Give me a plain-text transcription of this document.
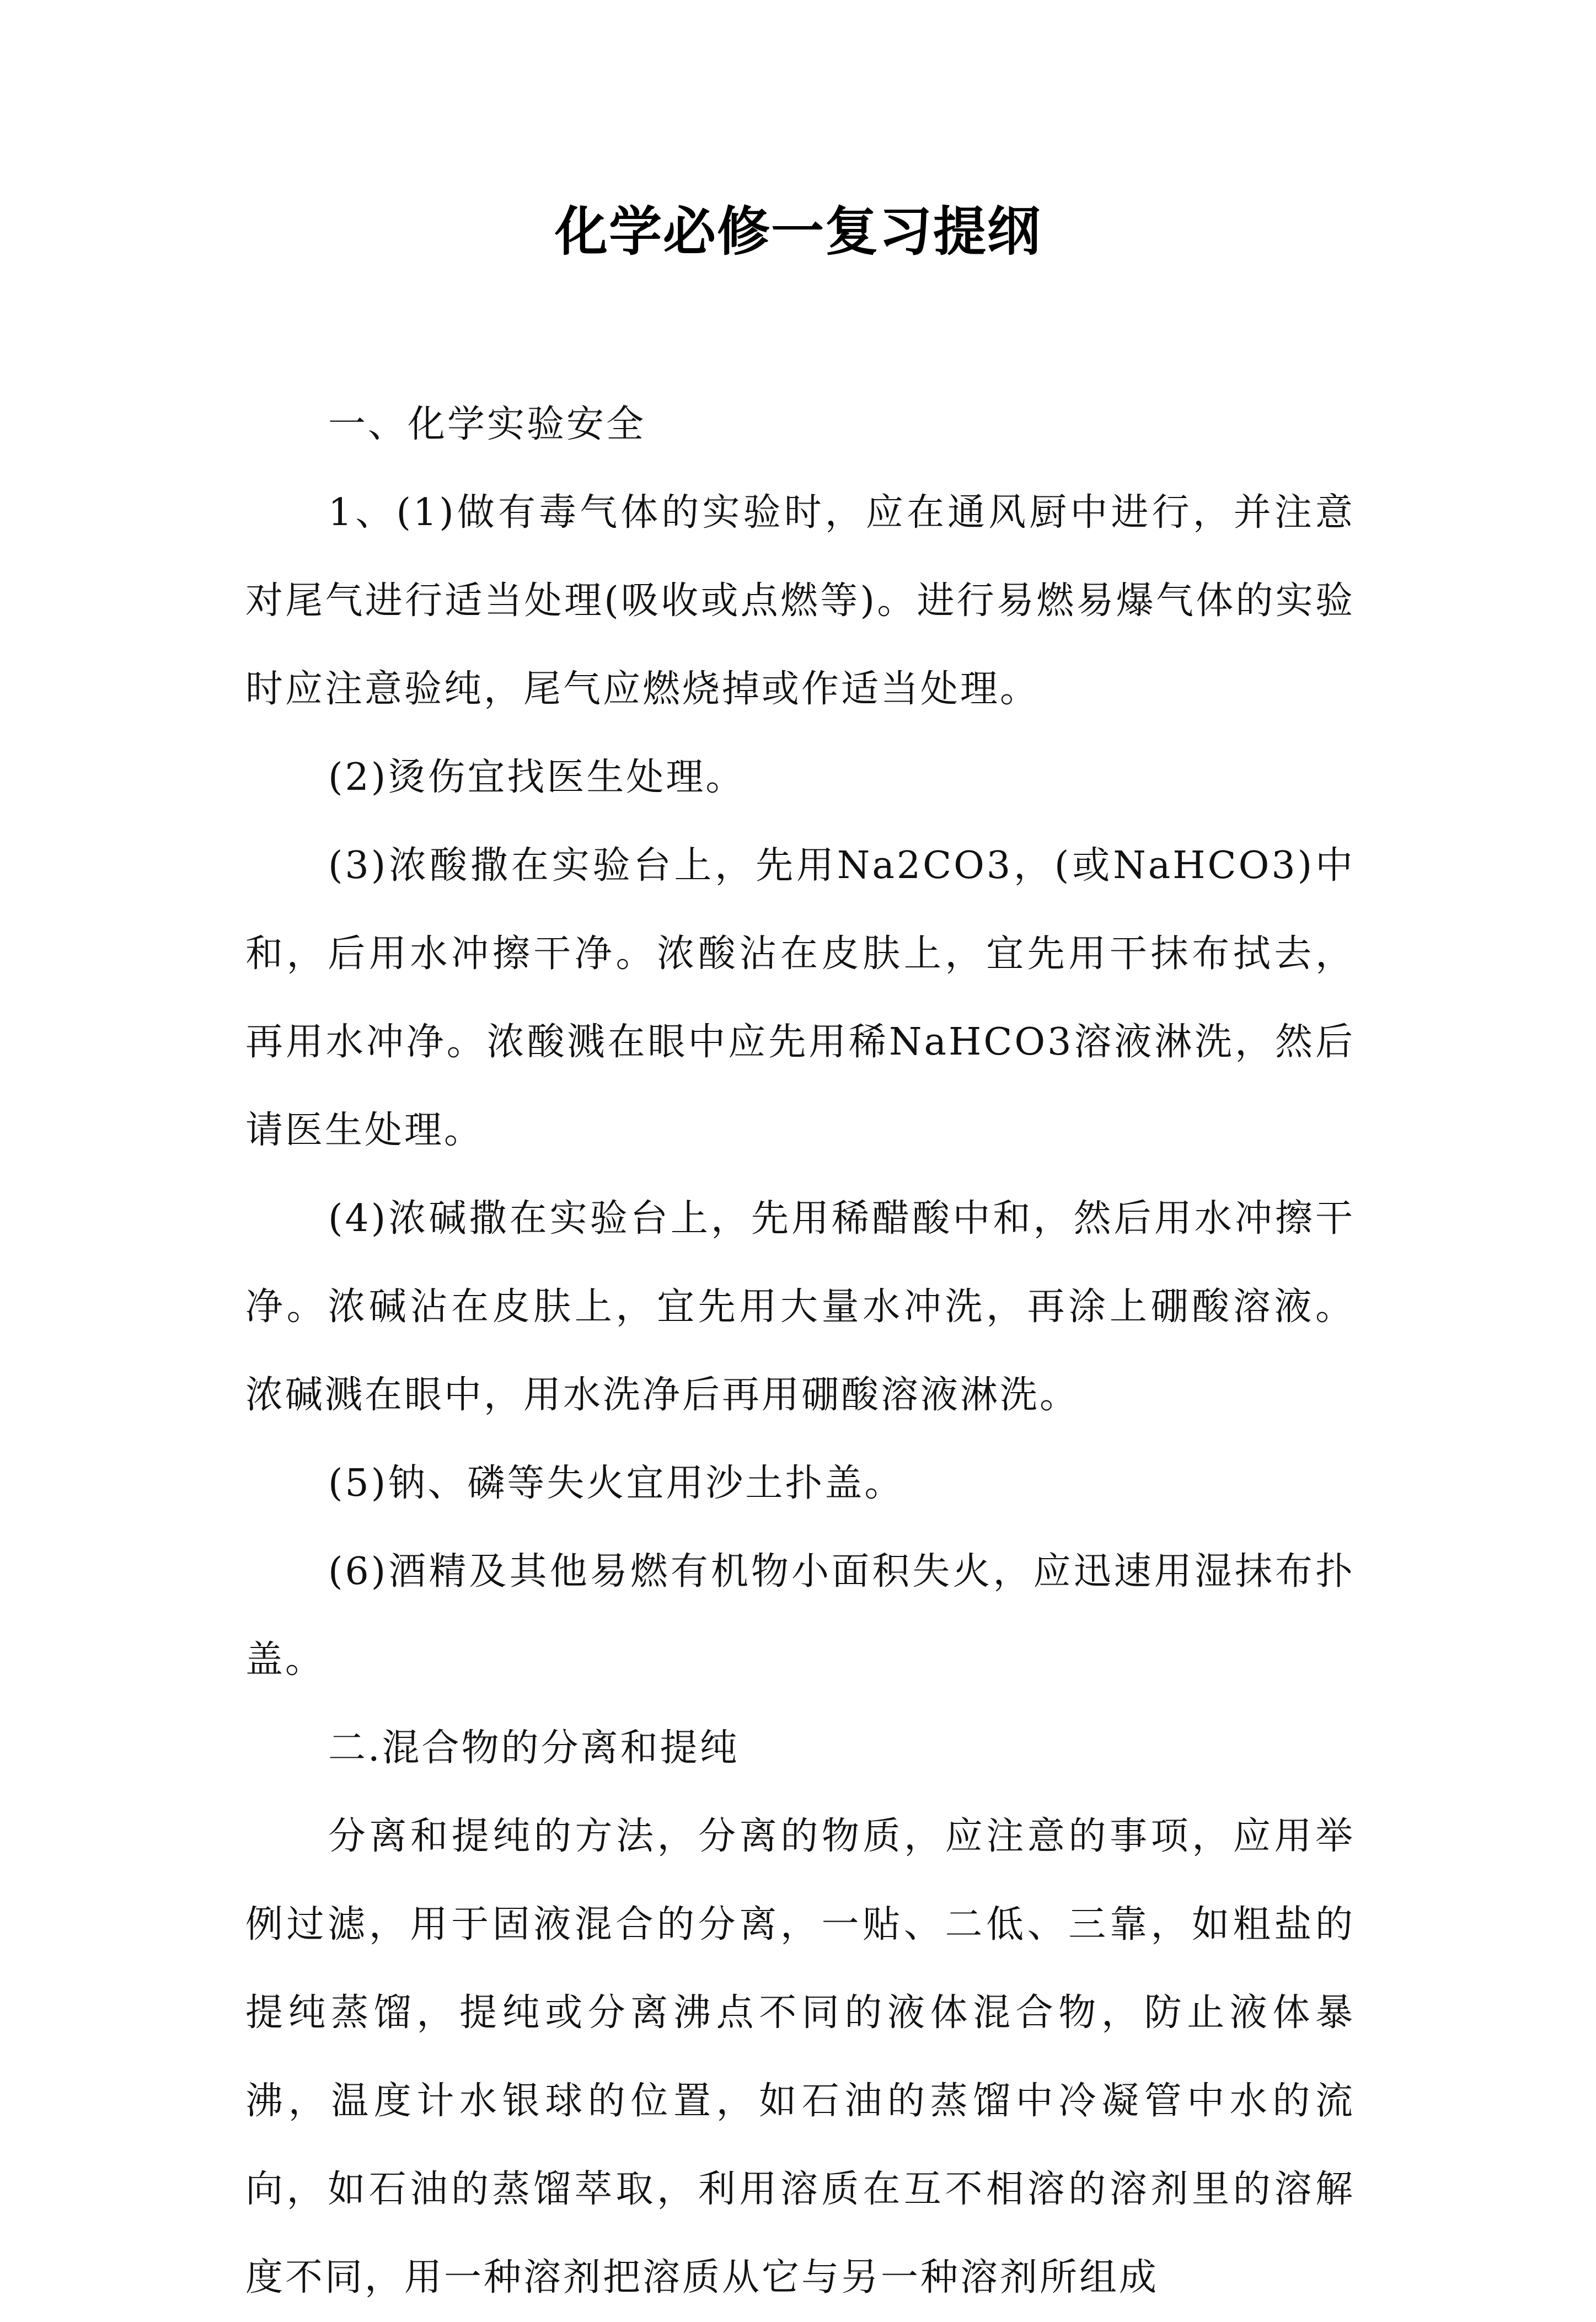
化学必修一复习提纲

一、化学实验安全

1、(1)做有毒气体的实验时，应在通风厨中进行，并注意对尾气进行适当处理(吸收或点燃等)。进行易燃易爆气体的实验时应注意验纯，尾气应燃烧掉或作适当处理。

(2)烫伤宜找医生处理。

(3)浓酸撒在实验台上，先用Na2CO3，(或NaHCO3)中和，后用水冲擦干净。浓酸沾在皮肤上，宜先用干抹布拭去，再用水冲净。浓酸溅在眼中应先用稀NaHCO3溶液淋洗，然后请医生处理。

(4)浓碱撒在实验台上，先用稀醋酸中和，然后用水冲擦干净。浓碱沾在皮肤上，宜先用大量水冲洗，再涂上硼酸溶液。浓碱溅在眼中，用水洗净后再用硼酸溶液淋洗。

(5)钠、磷等失火宜用沙土扑盖。

(6)酒精及其他易燃有机物小面积失火，应迅速用湿抹布扑盖。

二.混合物的分离和提纯

分离和提纯的方法，分离的物质，应注意的事项，应用举例过滤，用于固液混合的分离，一贴、二低、三靠，如粗盐的提纯蒸馏，提纯或分离沸点不同的液体混合物，防止液体暴沸，温度计水银球的位置，如石油的蒸馏中冷凝管中水的流向，如石油的蒸馏萃取，利用溶质在互不相溶的溶剂里的溶解度不同，用一种溶剂把溶质从它与另一种溶剂所组成
